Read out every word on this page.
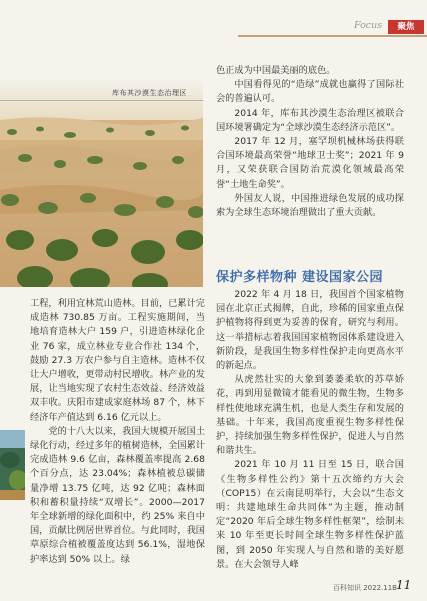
Focus	聚焦
库布其沙漠生态治理区

色正成为中国最美丽的底色。

中国看得见的“造绿”成就也赢得了国际社会的普遍认可。

2014 年，库布其沙漠生态治理区被联合国环境署确定为“全球沙漠生态经济示范区”。

2017 年 12 月，塞罕坝机械林场获得联合国环境最高荣誉“地球卫士奖”；2021 年 9 月，又荣获联合国防治荒漠化领域最高荣誉“土地生命奖”。

外国友人说，中国推进绿色发展的成功探索为全球生态环境治理做出了重大贡献。

保护多样物种 建设国家公园

2022 年 4 月 18 日，我国首个国家植物园在北京正式揭牌，自此，珍稀的国家重点保护植物将得到更为妥善的保育，研究与利用。这一举措标志着我国国家植物园体系建设进入新阶段，是我国生物多样性保护走向更高水平的新起点。

从虎然壮实的大象到萎萎柔软的苏草娇花，再到用显微镜才能看见的微生物，生物多样性使地球充满生机，也是人类生存和发展的基础。十年来，我国高度重视生物多样性保护，持续加强生物多样性保护，促进人与自然和谐共生。

2021 年 10 月 11 日至 15 日，联合国《生物多样性公约》第十五次缔约方大会（COP15）在云南昆明举行，大会以“生态文明：共建地球生命共同体”为主题，推动制定“2020 年后全球生物多样性框架”，绘制未来 10 年至更长时间全球生物多样性保护蓝图，到 2050 年实现人与自然和谐的美好愿景。在大会领导人峰

工程，利用宜林荒山造林。目前，已累计完成造林 730.85 万亩。工程实施期间，当地培育造林大户 159 户，引进造林绿化企业 76 家，成立林业专业合作社 134 个，鼓励 27.3 万农户参与自主造林。造林不仅让大户增收，更带动村民增收。林产业的发展，让当地实现了农村生态效益、经济效益双丰收。庆阳市建成家庭林场 87 个，林下经济年产值达到 6.16 亿元以上。

党的十八大以来，我国大规模开展国土绿化行动，经过多年的植树造林，全国累计完成造林 9.6 亿亩，森林覆盖率提高 2.68 个百分点，达 23.04%；森林植被总碳储量净增 13.75 亿吨，达 92 亿吨；森林面积和蓄积量持续“双增长”。2000—2017 年全球新增的绿化面积中，约 25% 来自中国，贡献比例居世界首位。与此同时，我国草原综合植被覆盖度达到 56.1%，湿地保护率达到 50% 以上。绿

百科知识 2022.11B 11
